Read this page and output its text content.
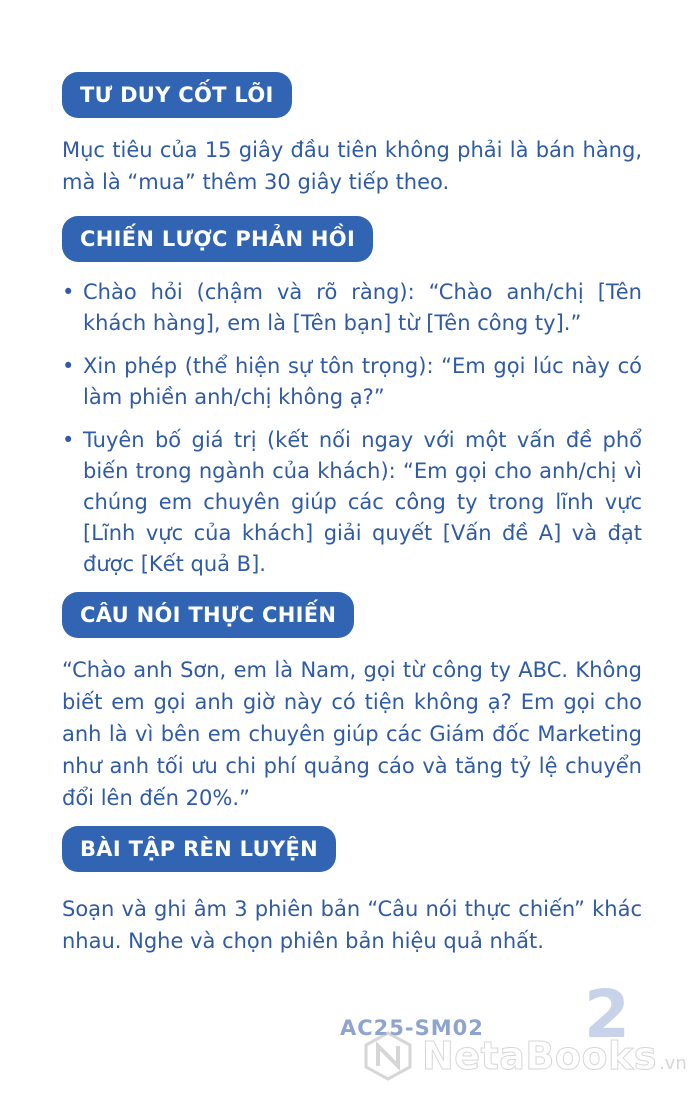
TƯ DUY CỐT LÕI
Mục tiêu của 15 giây đầu tiên không phải là bán hàng, mà là “mua” thêm 30 giây tiếp theo.
CHIẾN LƯỢC PHẢN HỒI
• Chào hỏi (chậm và rõ ràng): “Chào anh/chị [Tên khách hàng], em là [Tên bạn] từ [Tên công ty].”
• Xin phép (thể hiện sự tôn trọng): “Em gọi lúc này có làm phiền anh/chị không ạ?”
• Tuyên bố giá trị (kết nối ngay với một vấn đề phổ biến trong ngành của khách): “Em gọi cho anh/chị vì chúng em chuyên giúp các công ty trong lĩnh vực [Lĩnh vực của khách] giải quyết [Vấn đề A] và đạt được [Kết quả B].
CÂU NÓI THỰC CHIẾN
“Chào anh Sơn, em là Nam, gọi từ công ty ABC. Không biết em gọi anh giờ này có tiện không ạ? Em gọi cho anh là vì bên em chuyên giúp các Giám đốc Marketing như anh tối ưu chi phí quảng cáo và tăng tỷ lệ chuyển đổi lên đến 20%.”
BÀI TẬP RÈN LUYỆN
Soạn và ghi âm 3 phiên bản “Câu nói thực chiến” khác nhau. Nghe và chọn phiên bản hiệu quả nhất.
2
AC25-SM02
NetaBooks .vn
